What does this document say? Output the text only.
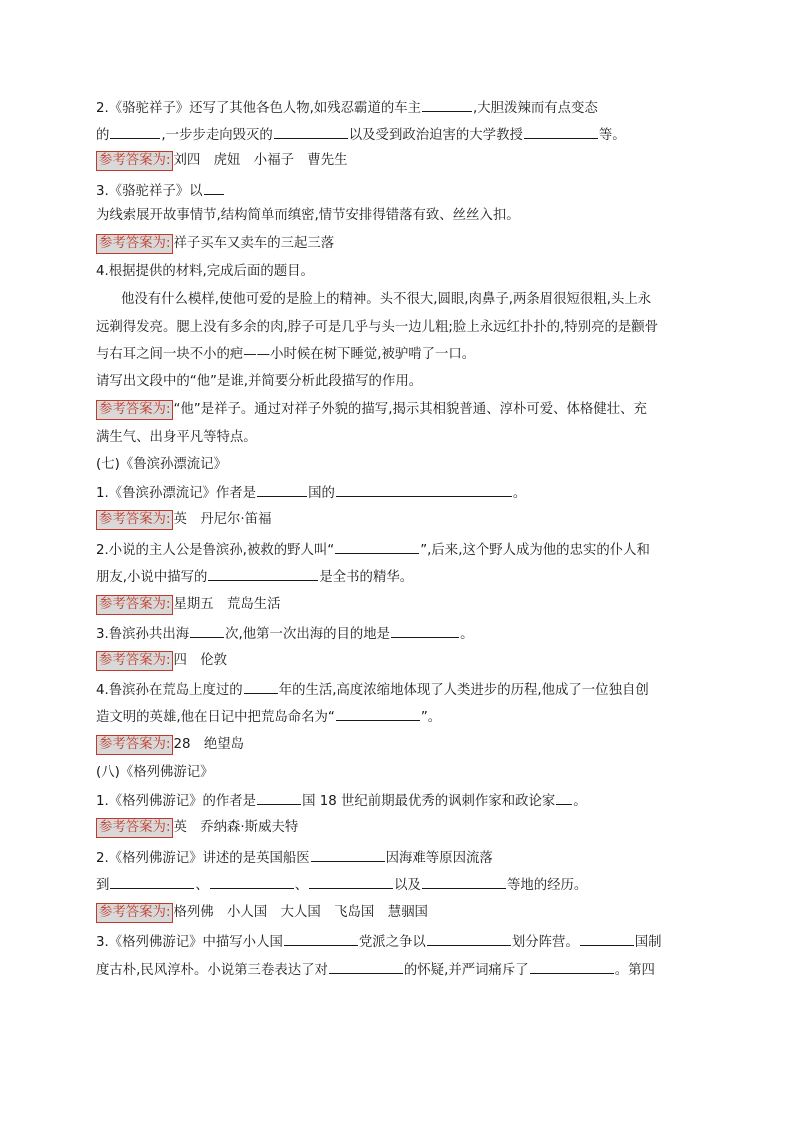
2.《骆驼祥子》还写了其他各色人物,如残忍霸道的车主	,大胆泼辣而有点变态
的	,一步步走向毁灭的	以及受到政治迫害的大学教授	等。
参考答案为: 刘四　虎妞　小福子　曹先生
3.《骆驼祥子》以
为线索展开故事情节,结构简单而缜密,情节安排得错落有致、丝丝入扣。
参考答案为: 祥子买车又卖车的三起三落
4.根据提供的材料,完成后面的题目。
他没有什么模样,使他可爱的是脸上的精神。头不很大,圆眼,肉鼻子,两条眉很短很粗,头上永
远剃得发亮。腮上没有多余的肉,脖子可是几乎与头一边儿粗;脸上永远红扑扑的,特别亮的是颧骨
与右耳之间一块不小的疤——小时候在树下睡觉,被驴啃了一口。
请写出文段中的“他”是谁,并简要分析此段描写的作用。
参考答案为: “他”是祥子。通过对祥子外貌的描写,揭示其相貌普通、淳朴可爱、体格健壮、充
满生气、出身平凡等特点。
(七)《鲁滨孙漂流记》
1.《鲁滨孙漂流记》作者是	国的	。
参考答案为: 英　丹尼尔·笛福
2.小说的主人公是鲁滨孙,被救的野人叫“	”,后来,这个野人成为他的忠实的仆人和
朋友,小说中描写的	是全书的精华。
参考答案为: 星期五　荒岛生活
3.鲁滨孙共出海	次,他第一次出海的目的地是	。
参考答案为: 四　伦敦
4.鲁滨孙在荒岛上度过的	年的生活,高度浓缩地体现了人类进步的历程,他成了一位独自创
造文明的英雄,他在日记中把荒岛命名为“	”。
参考答案为: 28　绝望岛
(八)《格列佛游记》
1.《格列佛游记》的作者是	国 18 世纪前期最优秀的讽刺作家和政论家 。
参考答案为: 英　乔纳森·斯威夫特
2.《格列佛游记》讲述的是英国船医	因海难等原因流落
到	、	、	以及	等地的经历。
参考答案为: 格列佛　小人国　大人国　飞岛国　慧骃国
3.《格列佛游记》中描写小人国	党派之争以	划分阵营。	国制
度古朴,民风淳朴。小说第三卷表达了对	的怀疑,并严词痛斥了	。第四
